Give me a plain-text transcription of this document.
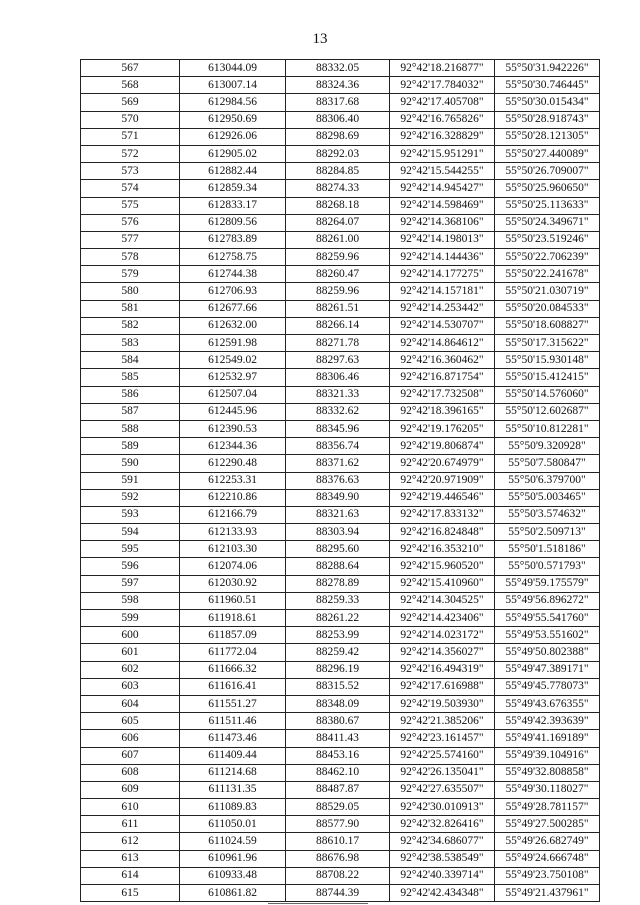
13
567	613044.09	88332.05	92°42'18.216877"	55°50'31.942226"
568	613007.14	88324.36	92°42'17.784032"	55°50'30.746445"
569	612984.56	88317.68	92°42'17.405708"	55°50'30.015434"
570	612950.69	88306.40	92°42'16.765826"	55°50'28.918743"
571	612926.06	88298.69	92°42'16.328829"	55°50'28.121305"
572	612905.02	88292.03	92°42'15.951291"	55°50'27.440089"
573	612882.44	88284.85	92°42'15.544255"	55°50'26.709007"
574	612859.34	88274.33	92°42'14.945427"	55°50'25.960650"
575	612833.17	88268.18	92°42'14.598469"	55°50'25.113633"
576	612809.56	88264.07	92°42'14.368106"	55°50'24.349671"
577	612783.89	88261.00	92°42'14.198013"	55°50'23.519246"
578	612758.75	88259.96	92°42'14.144436"	55°50'22.706239"
579	612744.38	88260.47	92°42'14.177275"	55°50'22.241678"
580	612706.93	88259.96	92°42'14.157181"	55°50'21.030719"
581	612677.66	88261.51	92°42'14.253442"	55°50'20.084533"
582	612632.00	88266.14	92°42'14.530707"	55°50'18.608827"
583	612591.98	88271.78	92°42'14.864612"	55°50'17.315622"
584	612549.02	88297.63	92°42'16.360462"	55°50'15.930148"
585	612532.97	88306.46	92°42'16.871754"	55°50'15.412415"
586	612507.04	88321.33	92°42'17.732508"	55°50'14.576060"
587	612445.96	88332.62	92°42'18.396165"	55°50'12.602687"
588	612390.53	88345.96	92°42'19.176205"	55°50'10.812281"
589	612344.36	88356.74	92°42'19.806874"	55°50'9.320928"
590	612290.48	88371.62	92°42'20.674979"	55°50'7.580847"
591	612253.31	88376.63	92°42'20.971909"	55°50'6.379700"
592	612210.86	88349.90	92°42'19.446546"	55°50'5.003465"
593	612166.79	88321.63	92°42'17.833132"	55°50'3.574632"
594	612133.93	88303.94	92°42'16.824848"	55°50'2.509713"
595	612103.30	88295.60	92°42'16.353210"	55°50'1.518186"
596	612074.06	88288.64	92°42'15.960520"	55°50'0.571793"
597	612030.92	88278.89	92°42'15.410960"	55°49'59.175579"
598	611960.51	88259.33	92°42'14.304525"	55°49'56.896272"
599	611918.61	88261.22	92°42'14.423406"	55°49'55.541760"
600	611857.09	88253.99	92°42'14.023172"	55°49'53.551602"
601	611772.04	88259.42	92°42'14.356027"	55°49'50.802388"
602	611666.32	88296.19	92°42'16.494319"	55°49'47.389171"
603	611616.41	88315.52	92°42'17.616988"	55°49'45.778073"
604	611551.27	88348.09	92°42'19.503930"	55°49'43.676355"
605	611511.46	88380.67	92°42'21.385206"	55°49'42.393639"
606	611473.46	88411.43	92°42'23.161457"	55°49'41.169189"
607	611409.44	88453.16	92°42'25.574160"	55°49'39.104916"
608	611214.68	88462.10	92°42'26.135041"	55°49'32.808858"
609	611131.35	88487.87	92°42'27.635507"	55°49'30.118027"
610	611089.83	88529.05	92°42'30.010913"	55°49'28.781157"
611	611050.01	88577.90	92°42'32.826416"	55°49'27.500285"
612	611024.59	88610.17	92°42'34.686077"	55°49'26.682749"
613	610961.96	88676.98	92°42'38.538549"	55°49'24.666748"
614	610933.48	88708.22	92°42'40.339714"	55°49'23.750108"
615	610861.82	88744.39	92°42'42.434348"	55°49'21.437961"
